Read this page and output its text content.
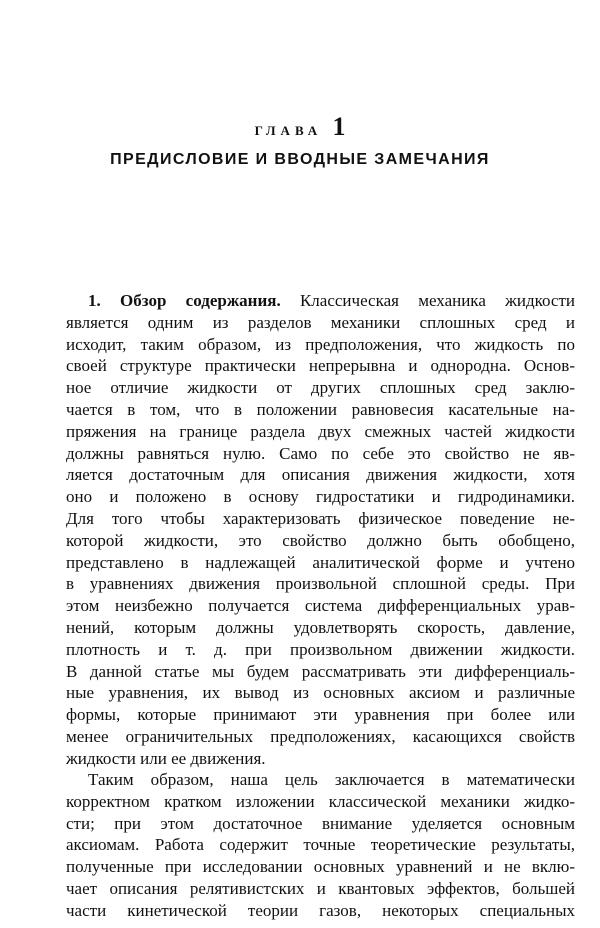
ГЛАВА 1
ПРЕДИСЛОВИЕ И ВВОДНЫЕ ЗАМЕЧАНИЯ
1. Обзор содержания. Классическая механика жидкости
является одним из разделов механики сплошных сред и
исходит, таким образом, из предположения, что жидкость по
своей структуре практически непрерывна и однородна. Основ-
ное отличие жидкости от других сплошных сред заклю-
чается в том, что в положении равновесия касательные на-
пряжения на границе раздела двух смежных частей жидкости
должны равняться нулю. Само по себе это свойство не яв-
ляется достаточным для описания движения жидкости, хотя
оно и положено в основу гидростатики и гидродинамики.
Для того чтобы характеризовать физическое поведение не-
которой жидкости, это свойство должно быть обобщено,
представлено в надлежащей аналитической форме и учтено
в уравнениях движения произвольной сплошной среды. При
этом неизбежно получается система дифференциальных урав-
нений, которым должны удовлетворять скорость, давление,
плотность и т. д. при произвольном движении жидкости.
В данной статье мы будем рассматривать эти дифференциаль-
ные уравнения, их вывод из основных аксиом и различные
формы, которые принимают эти уравнения при более или
менее ограничительных предположениях, касающихся свойств
жидкости или ее движения.
Таким образом, наша цель заключается в математически
корректном кратком изложении классической механики жидко-
сти; при этом достаточное внимание уделяется основным
аксиомам. Работа содержит точные теоретические результаты,
полученные при исследовании основных уравнений и не вклю-
чает описания релятивистских и квантовых эффектов, большей
части кинетической теории газов, некоторых специальных
